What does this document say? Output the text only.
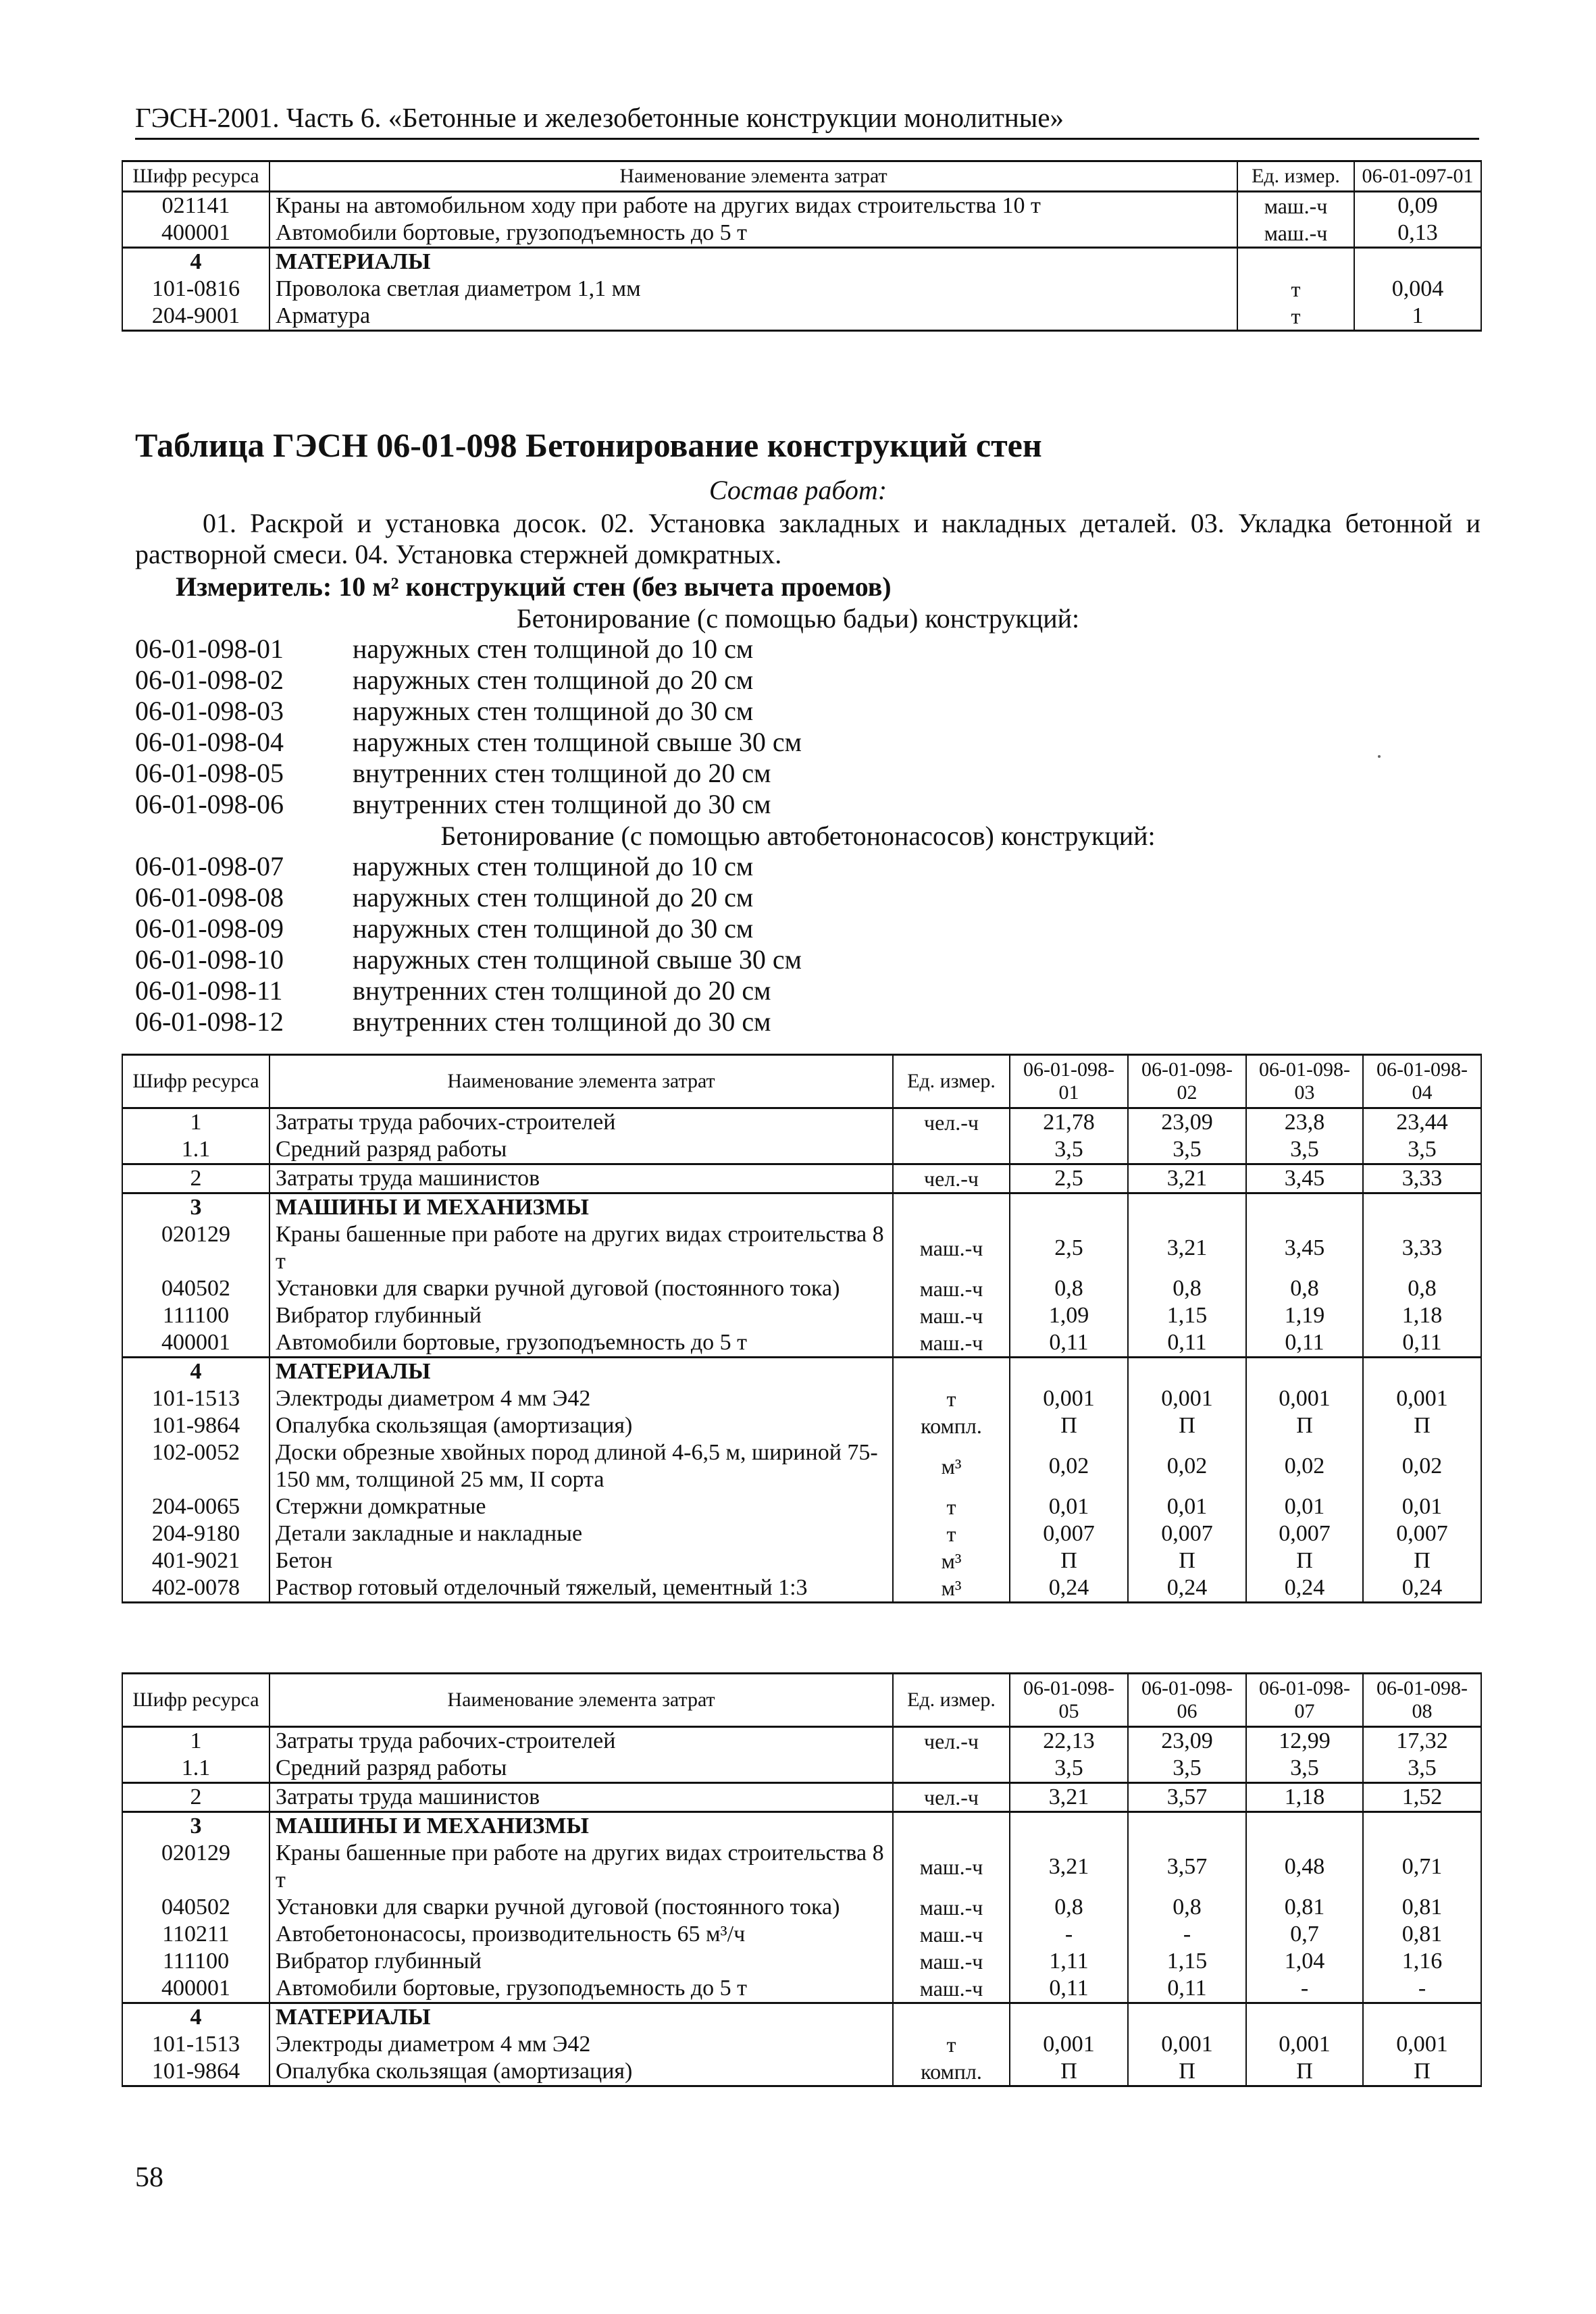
ГЭСН-2001. Часть 6. «Бетонные и железобетонные конструкции монолитные»
Шифр ресурса	Наименование элемента затрат	Ед. измер.	06-01-097-01
021141	Краны на автомобильном ходу при работе на других видах строительства 10 т	маш.-ч	0,09
400001	Автомобили бортовые, грузоподъемность до 5 т	маш.-ч	0,13
4	МАТЕРИАЛЫ		
101-0816	Проволока светлая диаметром 1,1 мм	т	0,004
204-9001	Арматура	т	1
Таблица ГЭСН 06-01-098 Бетонирование конструкций стен
Состав работ:
01. Раскрой и установка досок. 02. Установка закладных и накладных деталей. 03. Укладка бетонной и растворной смеси. 04. Установка стержней домкратных.
Измеритель: 10 м² конструкций стен (без вычета проемов)
Бетонирование (с помощью бадьи) конструкций:
06-01-098-01	наружных стен толщиной до 10 см
06-01-098-02	наружных стен толщиной до 20 см
06-01-098-03	наружных стен толщиной до 30 см
06-01-098-04	наружных стен толщиной свыше 30 см
06-01-098-05	внутренних стен толщиной до 20 см
06-01-098-06	внутренних стен толщиной до 30 см
Бетонирование (с помощью автобетононасосов) конструкций:
06-01-098-07	наружных стен толщиной до 10 см
06-01-098-08	наружных стен толщиной до 20 см
06-01-098-09	наружных стен толщиной до 30 см
06-01-098-10	наружных стен толщиной свыше 30 см
06-01-098-11	внутренних стен толщиной до 20 см
06-01-098-12	внутренних стен толщиной до 30 см
Шифр ресурса	Наименование элемента затрат	Ед. измер.	06-01-098-01	06-01-098-02	06-01-098-03	06-01-098-04
1	Затраты труда рабочих-строителей	чел.-ч	21,78	23,09	23,8	23,44
1.1	Средний разряд работы		3,5	3,5	3,5	3,5
2	Затраты труда машинистов	чел.-ч	2,5	3,21	3,45	3,33
3	МАШИНЫ И МЕХАНИЗМЫ					
020129	Краны башенные при работе на других видах строительства 8 т	маш.-ч	2,5	3,21	3,45	3,33
040502	Установки для сварки ручной дуговой (постоянного тока)	маш.-ч	0,8	0,8	0,8	0,8
111100	Вибратор глубинный	маш.-ч	1,09	1,15	1,19	1,18
400001	Автомобили бортовые, грузоподъемность до 5 т	маш.-ч	0,11	0,11	0,11	0,11
4	МАТЕРИАЛЫ					
101-1513	Электроды диаметром 4 мм Э42	т	0,001	0,001	0,001	0,001
101-9864	Опалубка скользящая (амортизация)	компл.	П	П	П	П
102-0052	Доски обрезные хвойных пород длиной 4-6,5 м, шириной 75-150 мм, толщиной 25 мм, II сорта	м³	0,02	0,02	0,02	0,02
204-0065	Стержни домкратные	т	0,01	0,01	0,01	0,01
204-9180	Детали закладные и накладные	т	0,007	0,007	0,007	0,007
401-9021	Бетон	м³	П	П	П	П
402-0078	Раствор готовый отделочный тяжелый, цементный 1:3	м³	0,24	0,24	0,24	0,24
Шифр ресурса	Наименование элемента затрат	Ед. измер.	06-01-098-05	06-01-098-06	06-01-098-07	06-01-098-08
1	Затраты труда рабочих-строителей	чел.-ч	22,13	23,09	12,99	17,32
1.1	Средний разряд работы		3,5	3,5	3,5	3,5
2	Затраты труда машинистов	чел.-ч	3,21	3,57	1,18	1,52
3	МАШИНЫ И МЕХАНИЗМЫ					
020129	Краны башенные при работе на других видах строительства 8 т	маш.-ч	3,21	3,57	0,48	0,71
040502	Установки для сварки ручной дуговой (постоянного тока)	маш.-ч	0,8	0,8	0,81	0,81
110211	Автобетононасосы, производительность 65 м³/ч	маш.-ч	-	-	0,7	0,81
111100	Вибратор глубинный	маш.-ч	1,11	1,15	1,04	1,16
400001	Автомобили бортовые, грузоподъемность до 5 т	маш.-ч	0,11	0,11	-	-
4	МАТЕРИАЛЫ					
101-1513	Электроды диаметром 4 мм Э42	т	0,001	0,001	0,001	0,001
101-9864	Опалубка скользящая (амортизация)	компл.	П	П	П	П
58
